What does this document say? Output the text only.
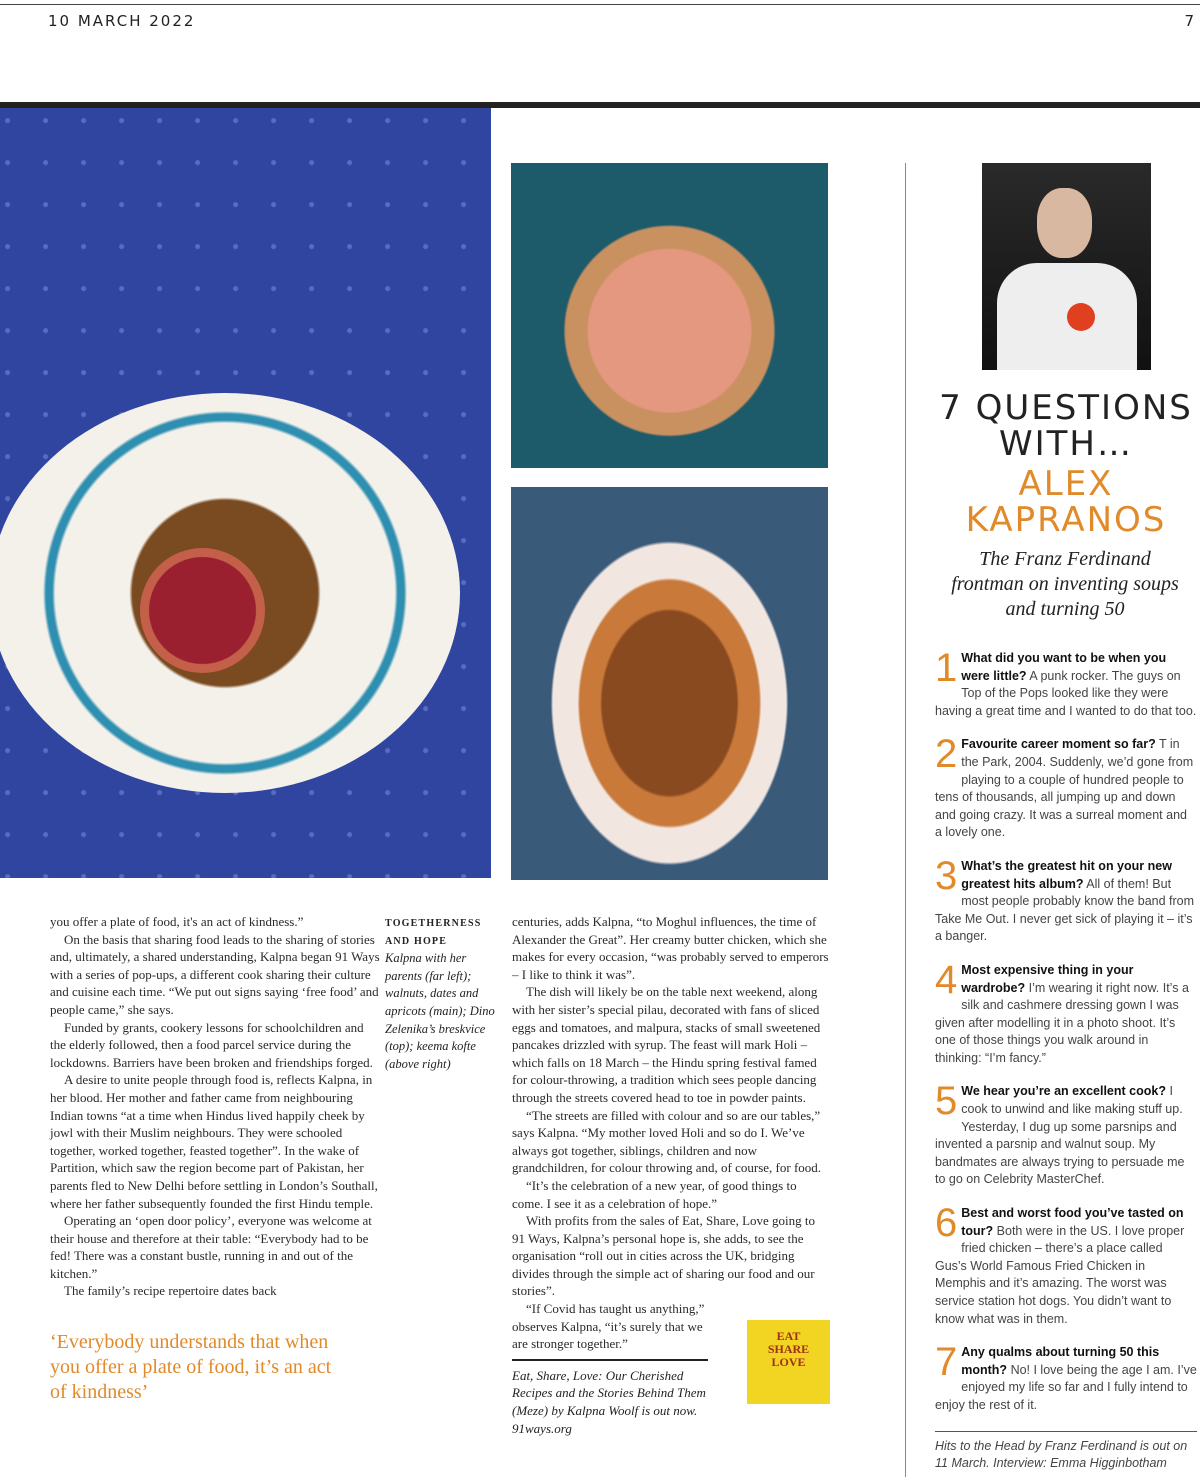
10 MARCH 2022	7

you offer a plate of food, it's an act of kindness.”

On the basis that sharing food leads to the sharing of stories and, ultimately, a shared understanding, Kalpna began 91 Ways with a series of pop-ups, a different cook sharing their culture and cuisine each time. “We put out signs saying ‘free food’ and people came,” she says.

Funded by grants, cookery lessons for schoolchildren and the elderly followed, then a food parcel service during the lockdowns. Barriers have been broken and friendships forged.

A desire to unite people through food is, reflects Kalpna, in her blood. Her mother and father came from neighbouring Indian towns “at a time when Hindus lived happily cheek by jowl with their Muslim neighbours. They were schooled together, worked together, feasted together”. In the wake of Partition, which saw the region become part of Pakistan, her parents fled to New Delhi before settling in London’s Southall, where her father subsequently founded the first Hindu temple.

Operating an ‘open door policy’, everyone was welcome at their house and therefore at their table: “Everybody had to be fed! There was a constant bustle, running in and out of the kitchen.”

The family’s recipe repertoire dates back

‘Everybody understands that when you offer a plate of food, it’s an act of kindness’
TOGETHERNESS AND HOPE
Kalpna with her parents (far left); walnuts, dates and apricots (main); Dino Zelenika’s breskvice (top); keema kofte (above right)

centuries, adds Kalpna, “to Moghul influences, the time of Alexander the Great”. Her creamy butter chicken, which she makes for every occasion, “was probably served to emperors – I like to think it was”.

The dish will likely be on the table next weekend, along with her sister’s special pilau, decorated with fans of sliced eggs and tomatoes, and malpura, stacks of small sweetened pancakes drizzled with syrup. The feast will mark Holi – which falls on 18 March – the Hindu spring festival famed for colour-throwing, a tradition which sees people dancing through the streets covered head to toe in powder paints.

“The streets are filled with colour and so are our tables,” says Kalpna. “My mother loved Holi and so do I. We’ve always got together, siblings, children and now grandchildren, for colour throwing and, of course, for food.

“It’s the celebration of a new year, of good things to come. I see it as a celebration of hope.”

With profits from the sales of Eat, Share, Love going to 91 Ways, Kalpna’s personal hope is, she adds, to see the organisation “roll out in cities across the UK, bridging divides through the simple act of sharing our food and our stories”.

“If Covid has taught us anything,” observes Kalpna, “it’s surely that we are stronger together.”

Eat, Share, Love: Our Cherished Recipes and the Stories Behind Them (Meze) by Kalpna Woolf is out now. 91ways.org
EAT
SHARE
LOVE
7 QUESTIONS WITH…
ALEX KAPRANOS
The Franz Ferdinand frontman on inventing soups and turning 50
1 What did you want to be when you were little? A punk rocker. The guys on Top of the Pops looked like they were having a great time and I wanted to do that too.
2 Favourite career moment so far? T in the Park, 2004. Suddenly, we’d gone from playing to a couple of hundred people to tens of thousands, all jumping up and down and going crazy. It was a surreal moment and a lovely one.
3 What’s the greatest hit on your new greatest hits album? All of them! But most people probably know the band from Take Me Out. I never get sick of playing it – it’s a banger.
4 Most expensive thing in your wardrobe? I’m wearing it right now. It’s a silk and cashmere dressing gown I was given after modelling it in a photo shoot. It’s one of those things you walk around in thinking: “I’m fancy.”
5 We hear you’re an excellent cook? I cook to unwind and like making stuff up. Yesterday, I dug up some parsnips and invented a parsnip and walnut soup. My bandmates are always trying to persuade me to go on Celebrity MasterChef.
6 Best and worst food you’ve tasted on tour? Both were in the US. I love proper fried chicken – there’s a place called Gus’s World Famous Fried Chicken in Memphis and it’s amazing. The worst was service station hot dogs. You didn’t want to know what was in them.
7 Any qualms about turning 50 this month? No! I love being the age I am. I’ve enjoyed my life so far and I fully intend to enjoy the rest of it.
Hits to the Head by Franz Ferdinand is out on 11 March. Interview: Emma Higginbotham
